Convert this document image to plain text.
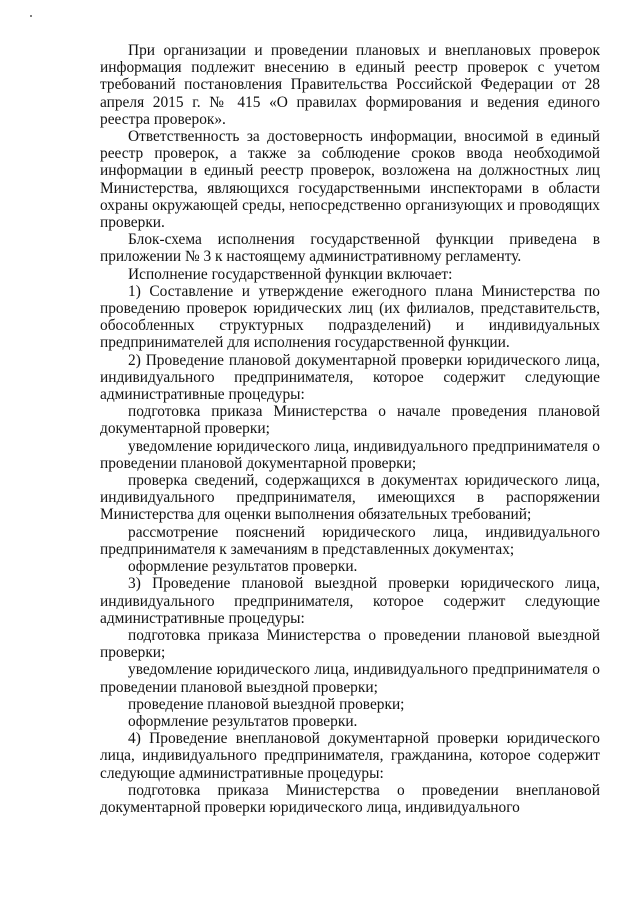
При организации и проведении плановых и внеплановых проверок информация подлежит внесению в единый реестр проверок с учетом требований постановления Правительства Российской Федерации от 28 апреля 2015 г. № 415 «О правилах формирования и ведения единого реестра проверок».

Ответственность за достоверность информации, вносимой в единый реестр проверок, а также за соблюдение сроков ввода необходимой информации в единый реестр проверок, возложена на должностных лиц Министерства, являющихся государственными инспекторами в области охраны окружающей среды, непосредственно организующих и проводящих проверки.

Блок-схема исполнения государственной функции приведена в приложении № 3 к настоящему административному регламенту.

Исполнение государственной функции включает:

1) Составление и утверждение ежегодного плана Министерства по проведению проверок юридических лиц (их филиалов, представительств, обособленных структурных подразделений) и индивидуальных предпринимателей для исполнения государственной функции.

2) Проведение плановой документарной проверки юридического лица, индивидуального предпринимателя, которое содержит следующие административные процедуры:

подготовка приказа Министерства о начале проведения плановой документарной проверки;

уведомление юридического лица, индивидуального предпринимателя о проведении плановой документарной проверки;

проверка сведений, содержащихся в документах юридического лица, индивидуального предпринимателя, имеющихся в распоряжении Министерства для оценки выполнения обязательных требований;

рассмотрение пояснений юридического лица, индивидуального предпринимателя к замечаниям в представленных документах;

оформление результатов проверки.

3) Проведение плановой выездной проверки юридического лица, индивидуального предпринимателя, которое содержит следующие административные процедуры:

подготовка приказа Министерства о проведении плановой выездной проверки;

уведомление юридического лица, индивидуального предпринимателя о проведении плановой выездной проверки;

проведение плановой выездной проверки;

оформление результатов проверки.

4) Проведение внеплановой документарной проверки юридического лица, индивидуального предпринимателя, гражданина, которое содержит следующие административные процедуры:

подготовка приказа Министерства о проведении внеплановой документарной проверки юридического лица, индивидуального
